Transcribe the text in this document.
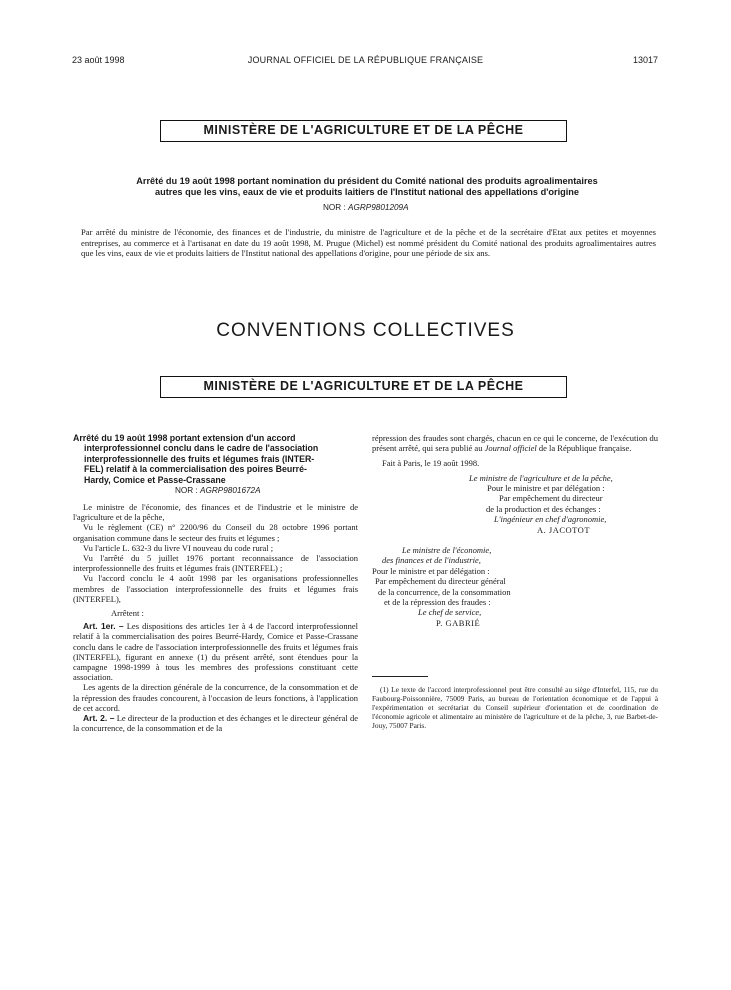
23 août 1998	JOURNAL OFFICIEL DE LA RÉPUBLIQUE FRANÇAISE	13017
MINISTÈRE DE L'AGRICULTURE ET DE LA PÊCHE
Arrêté du 19 août 1998 portant nomination du président du Comité national des produits agroalimentaires
autres que les vins, eaux de vie et produits laitiers de l'Institut national des appellations d'origine
NOR : AGRP9801209A
Par arrêté du ministre de l'économie, des finances et de l'industrie, du ministre de l'agriculture et de la pêche et de la secrétaire d'Etat aux petites et moyennes entreprises, au commerce et à l'artisanat en date du 19 août 1998, M. Prugue (Michel) est nommé président du Comité national des produits agroalimentaires autres que les vins, eaux de vie et produits laitiers de l'Institut national des appellations d'origine, pour une période de six ans.
CONVENTIONS COLLECTIVES
MINISTÈRE DE L'AGRICULTURE ET DE LA PÊCHE
Arrêté du 19 août 1998 portant extension d'un accord
interprofessionnel conclu dans le cadre de l'association
interprofessionnelle des fruits et légumes frais (INTER-
FEL) relatif à la commercialisation des poires Beurré-
Hardy, Comice et Passe-Crassane
NOR : AGRP9801672A

Le ministre de l'économie, des finances et de l'industrie et le ministre de l'agriculture et de la pêche,

Vu le règlement (CE) n° 2200/96 du Conseil du 28 octobre 1996 portant organisation commune dans le secteur des fruits et légumes ;

Vu l'article L. 632-3 du livre VI nouveau du code rural ;

Vu l'arrêté du 5 juillet 1976 portant reconnaissance de l'association interprofessionnelle des fruits et légumes frais (INTERFEL) ;

Vu l'accord conclu le 4 août 1998 par les organisations professionnelles membres de l'association interprofessionnelle des fruits et légumes frais (INTERFEL),

Arrêtent :

Art. 1er. – Les dispositions des articles 1er à 4 de l'accord interprofessionnel relatif à la commercialisation des poires Beurré-Hardy, Comice et Passe-Crassane conclu dans le cadre de l'association interprofessionnelle des fruits et légumes frais (INTERFEL), figurant en annexe (1) du présent arrêté, sont étendues pour la campagne 1998-1999 à tous les membres des professions constituant cette association.

Les agents de la direction générale de la concurrence, de la consommation et de la répression des fraudes concourent, à l'occasion de leurs fonctions, à l'application de cet accord.

Art. 2. – Le directeur de la production et des échanges et le directeur général de la concurrence, de la consommation et de la

répression des fraudes sont chargés, chacun en ce qui le concerne, de l'exécution du présent arrêté, qui sera publié au Journal officiel de la République française.

Fait à Paris, le 19 août 1998.

Le ministre de l'agriculture et de la pêche,
Pour le ministre et par délégation :
Par empêchement du directeur
de la production et des échanges :
L'ingénieur en chef d'agronomie,
A. JACOTOT
Le ministre de l'économie,
des finances et de l'industrie,
Pour le ministre et par délégation :
Par empêchement du directeur général
de la concurrence, de la consommation
et de la répression des fraudes :
Le chef de service,
P. GABRIÉ

(1) Le texte de l'accord interprofessionnel peut être consulté au siège d'Interfel, 115, rue du Faubourg-Poissonnière, 75009 Paris, au bureau de l'orientation économique et de l'appui à l'expérimentation et secrétariat du Conseil supérieur d'orientation et de coordination de l'économie agricole et alimentaire au ministère de l'agriculture et de la pêche, 3, rue Barbet-de-Jouy, 75007 Paris.
